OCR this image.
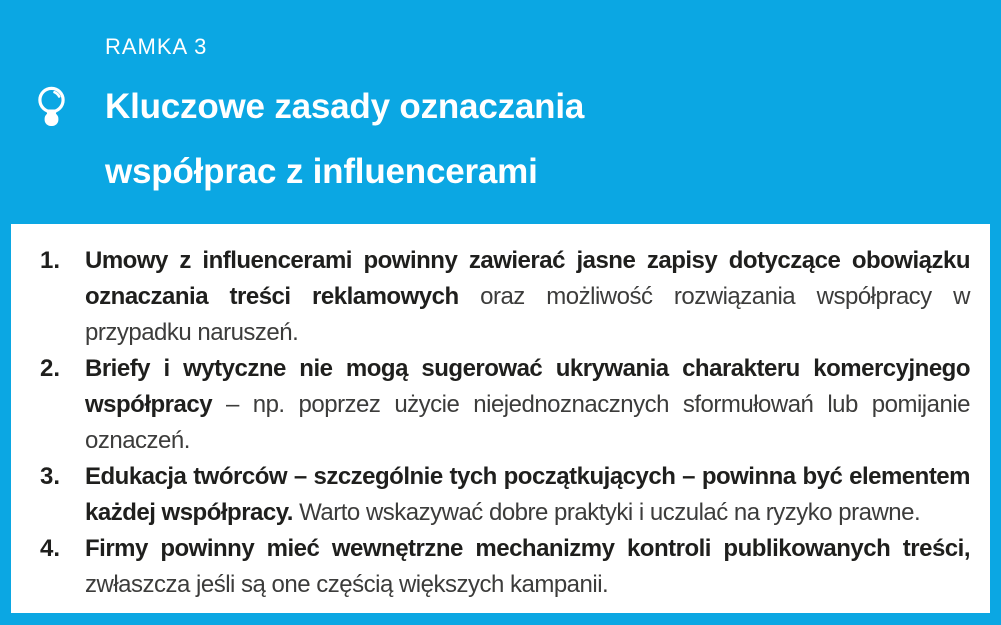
RAMKA 3
Kluczowe zasady oznaczania współprac z influencerami
1.	Umowy z influencerami powinny zawierać jasne zapisy dotyczące obowiązku oznaczania treści reklamowych oraz możliwość rozwiązania współpracy w przypadku naruszeń.

2.	Briefy i wytyczne nie mogą sugerować ukrywania charakteru komercyjnego współpracy – np. poprzez użycie niejednoznacznych sformułowań lub pomijanie oznaczeń.

3.	Edukacja twórców – szczególnie tych początkujących – powinna być elementem każdej współpracy. Warto wskazywać dobre praktyki i uczulać na ryzyko prawne.

4.	Firmy powinny mieć wewnętrzne mechanizmy kontroli publikowanych treści, zwłaszcza jeśli są one częścią większych kampanii.
